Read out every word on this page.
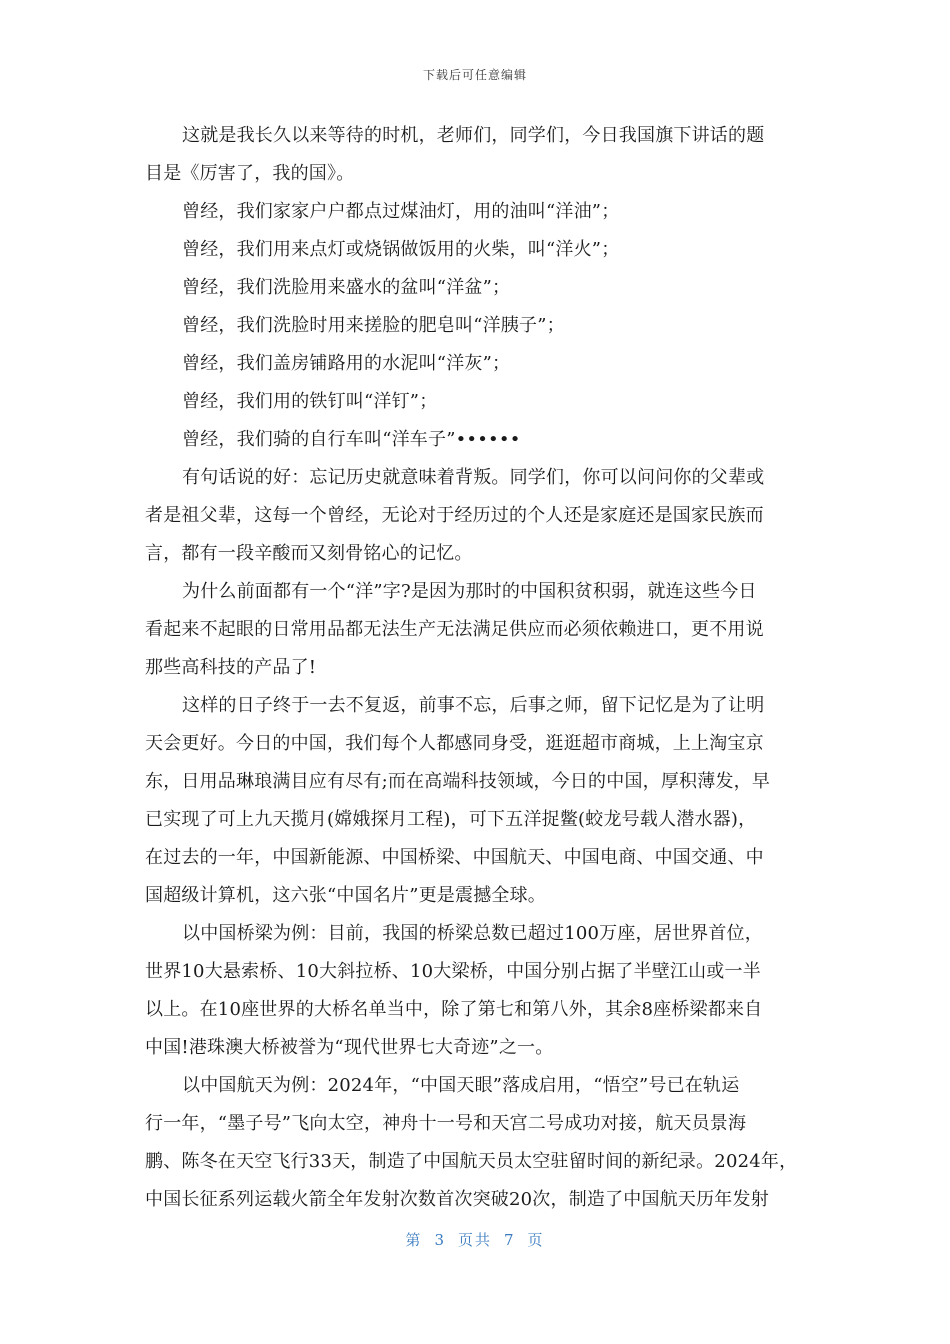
下载后可任意编辑
这就是我长久以来等待的时机，老师们，同学们，今日我国旗下讲话的题
目是《厉害了，我的国》。
曾经，我们家家户户都点过煤油灯，用的油叫“洋油”；
曾经，我们用来点灯或烧锅做饭用的火柴，叫“洋火”；
曾经，我们洗脸用来盛水的盆叫“洋盆”；
曾经，我们洗脸时用来搓脸的肥皂叫“洋胰子”；
曾经，我们盖房铺路用的水泥叫“洋灰”；
曾经，我们用的铁钉叫“洋钉”；
曾经，我们骑的自行车叫“洋车子”••••••
有句话说的好：忘记历史就意味着背叛。同学们，你可以问问你的父辈或
者是祖父辈，这每一个曾经，无论对于经历过的个人还是家庭还是国家民族而
言，都有一段辛酸而又刻骨铭心的记忆。
为什么前面都有一个“洋”字?是因为那时的中国积贫积弱，就连这些今日
看起来不起眼的日常用品都无法生产无法满足供应而必须依赖进口，更不用说
那些高科技的产品了!
这样的日子终于一去不复返，前事不忘，后事之师，留下记忆是为了让明
天会更好。今日的中国，我们每个人都感同身受，逛逛超市商城，上上淘宝京
东，日用品琳琅满目应有尽有;而在高端科技领域，今日的中国，厚积薄发，早
已实现了可上九天揽月(嫦娥探月工程)，可下五洋捉鳖(蛟龙号载人潜水器)，
在过去的一年，中国新能源、中国桥梁、中国航天、中国电商、中国交通、中
国超级计算机，这六张“中国名片”更是震撼全球。
以中国桥梁为例：目前，我国的桥梁总数已超过100万座，居世界首位，
世界10大悬索桥、10大斜拉桥、10大梁桥，中国分别占据了半壁江山或一半
以上。在10座世界的大桥名单当中，除了第七和第八外，其余8座桥梁都来自
中国!港珠澳大桥被誉为“现代世界七大奇迹”之一。
以中国航天为例：2024年，“中国天眼”落成启用，“悟空”号已在轨运
行一年，“墨子号”飞向太空，神舟十一号和天宫二号成功对接，航天员景海
鹏、陈冬在天空飞行33天，制造了中国航天员太空驻留时间的新纪录。2024年，
中国长征系列运载火箭全年发射次数首次突破20次，制造了中国航天历年发射
第 3 页共 7 页
